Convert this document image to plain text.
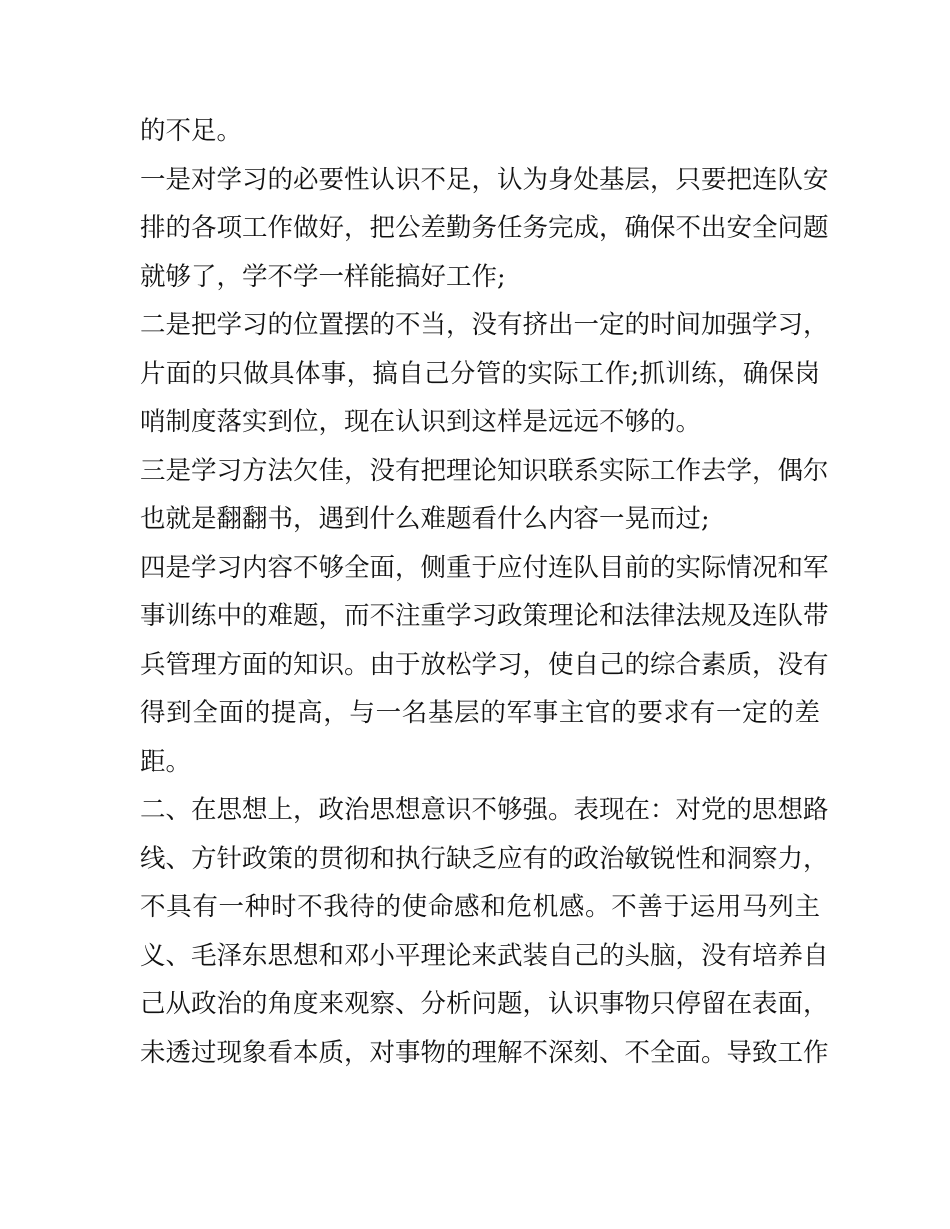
的不足。
一是对学习的必要性认识不足，认为身处基层，只要把连队安
排的各项工作做好，把公差勤务任务完成，确保不出安全问题
就够了，学不学一样能搞好工作;
二是把学习的位置摆的不当，没有挤出一定的时间加强学习，
片面的只做具体事，搞自己分管的实际工作;抓训练，确保岗
哨制度落实到位，现在认识到这样是远远不够的。
三是学习方法欠佳，没有把理论知识联系实际工作去学，偶尔
也就是翻翻书，遇到什么难题看什么内容一晃而过;
四是学习内容不够全面，侧重于应付连队目前的实际情况和军
事训练中的难题，而不注重学习政策理论和法律法规及连队带
兵管理方面的知识。由于放松学习，使自己的综合素质，没有
得到全面的提高，与一名基层的军事主官的要求有一定的差
距。
二、在思想上，政治思想意识不够强。表现在：对党的思想路
线、方针政策的贯彻和执行缺乏应有的政治敏锐性和洞察力，
不具有一种时不我待的使命感和危机感。不善于运用马列主
义、毛泽东思想和邓小平理论来武装自己的头脑，没有培养自
己从政治的角度来观察、分析问题，认识事物只停留在表面，
未透过现象看本质，对事物的理解不深刻、不全面。导致工作
